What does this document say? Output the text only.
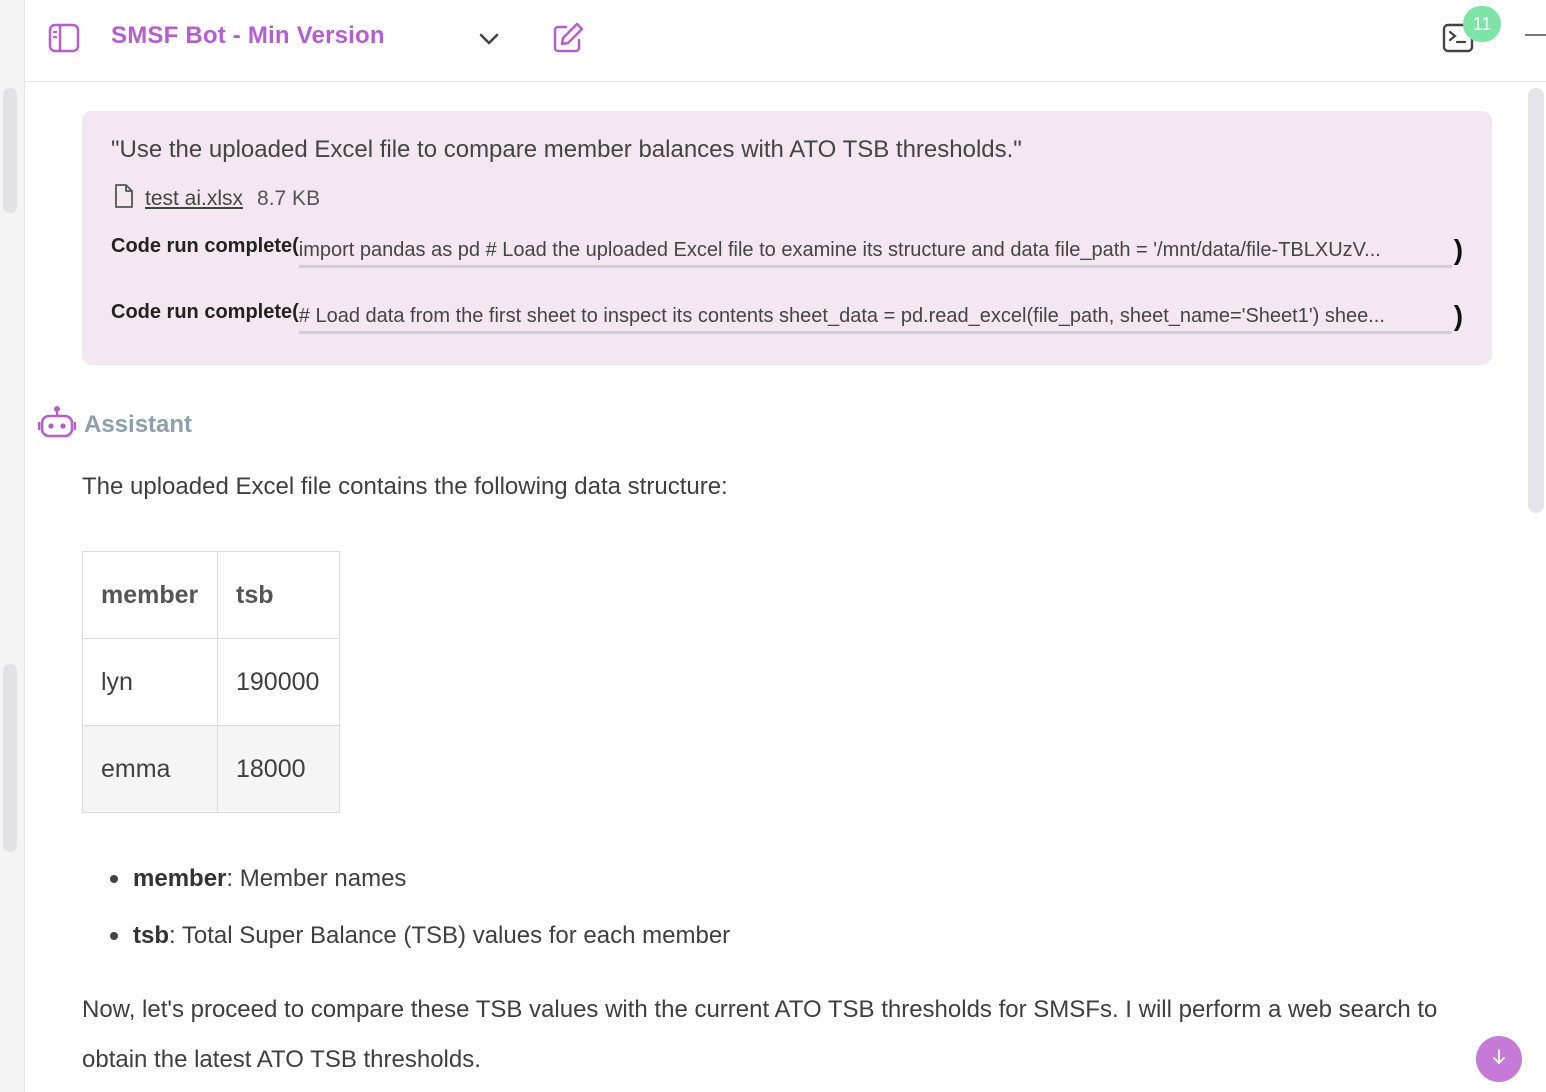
SMSF Bot - Min Version	11
"Use the uploaded Excel file to compare member balances with ATO TSB thresholds."
test ai.xlsx 8.7 KB
Code run complete( import pandas as pd # Load the uploaded Excel file to examine its structure and data file_path = '/mnt/data/file-TBLXUzV...	)
Code run complete( # Load data from the first sheet to inspect its contents sheet_data = pd.read_excel(file_path, sheet_name='Sheet1') shee...	)
Assistant
The uploaded Excel file contains the following data structure:
member	tsb
lyn	190000
emma	18000
member : Member names
tsb : Total Super Balance (TSB) values for each member
Now, let's proceed to compare these TSB values with the current ATO TSB thresholds for SMSFs. I will perform a web search to obtain the latest ATO TSB thresholds.
